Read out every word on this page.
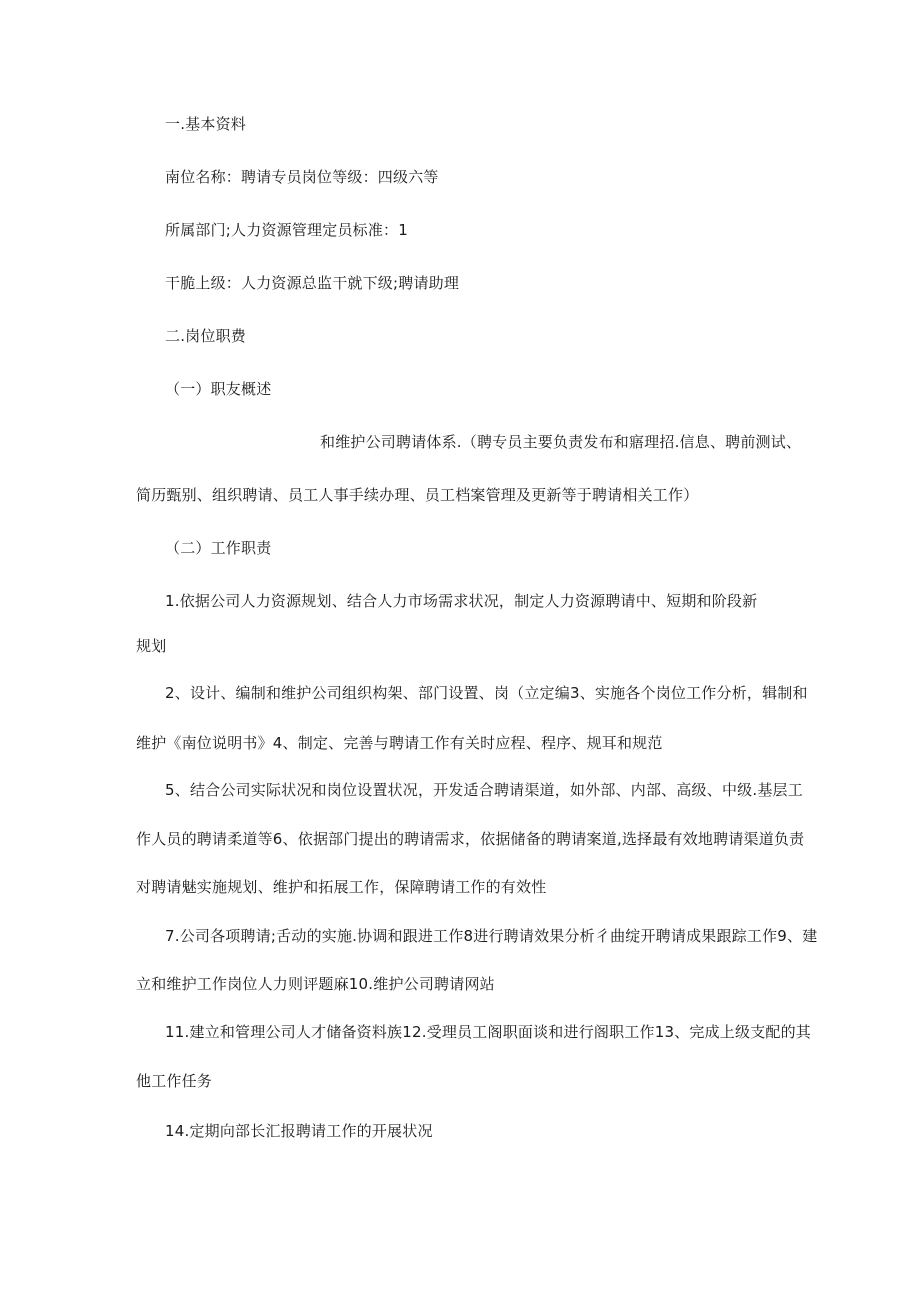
一.基本资料
南位名称：聘请专员岗位等级：四级六等
所属部门;人力资源管理定员标准：1
干脆上级：人力资源总监干就下级;聘请助理
二.岗位职费
（一）职友概述
和维护公司聘请体系.（聘专员主要负责发布和寤理招.信息、聘前测试、
简历甄别、组织聘请、员工人事手续办理、员工档案管理及更新等于聘请相关工作）
（二）工作职责
1.依据公司人力资源规划、结合人力市场需求状况，制定人力资源聘请中、短期和阶段新
规划
2、设计、编制和维护公司组织构架、部门设置、岗（立定编3、实施各个岗位工作分析，辑制和
维护《南位说明书》4、制定、完善与聘请工作有关时应程、程序、规耳和规范
5、结合公司实际状况和岗位设置状况，开发适合聘请渠道，如外部、内部、高级、中级.基层工
作人员的聘请柔道等6、依据部门提出的聘请需求，依据储备的聘请案道,选择最有效地聘请渠道负责
对聘请魅实施规划、维护和拓展工作，保障聘请工作的有效性
7.公司各项聘请;舌动的实施.协调和跟进工作8进行聘请效果分析彳曲绽开聘请成果跟踪工作9、建
立和维护工作岗位人力则评题麻10.维护公司聘请网站
11.建立和管理公司人才储备资料族12.受理员工阁职面谈和进行阁职工作13、完成上级支配的其
他工作任务
14.定期向部长汇报聘请工作的开展状况
